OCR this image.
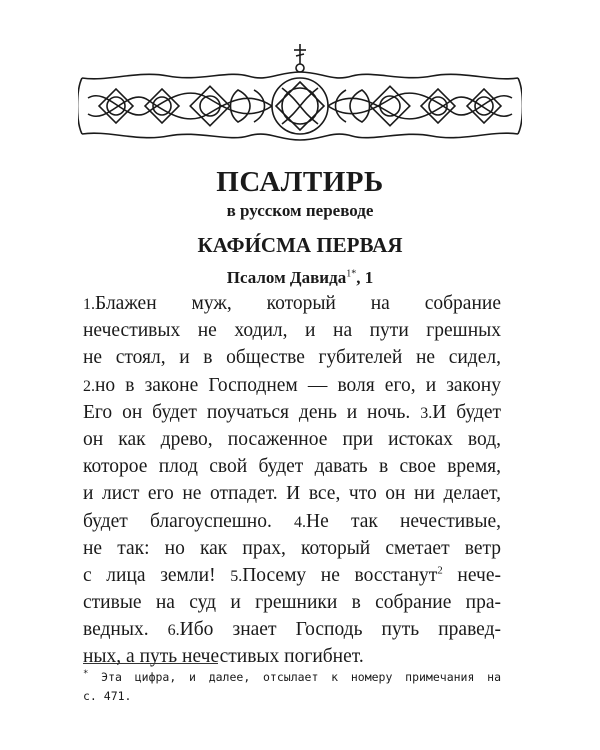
ПСАЛТИРЬ
в русском переводе
КАФИ́СМА ПЕРВАЯ
Псалом Давида$^{1*}$, 1
1.Блажен муж, который на собрание
нечестивых не ходил, и на пути грешных
не стоял, и в обществе губителей не сидел,
2.но в законе Господнем — воля его, и закону
Его он будет поучаться день и ночь. 3.И будет
он как древо, посаженное при истоках вод,
которое плод свой будет давать в свое время,
и лист его не отпадет. И все, что он ни делает,
будет благоуспешно. 4.Не так нечестивые,
не так: но как прах, который сметает ветр
с лица земли! 5.Посему не восстанут$^2$ нече-
стивые на суд и грешники в собрание пра-
ведных. 6.Ибо знает Господь путь правед-
ных, а путь нечестивых погибнет.
* Эта цифра, и далее, отсылает к номеру примечания на
с. 471.
